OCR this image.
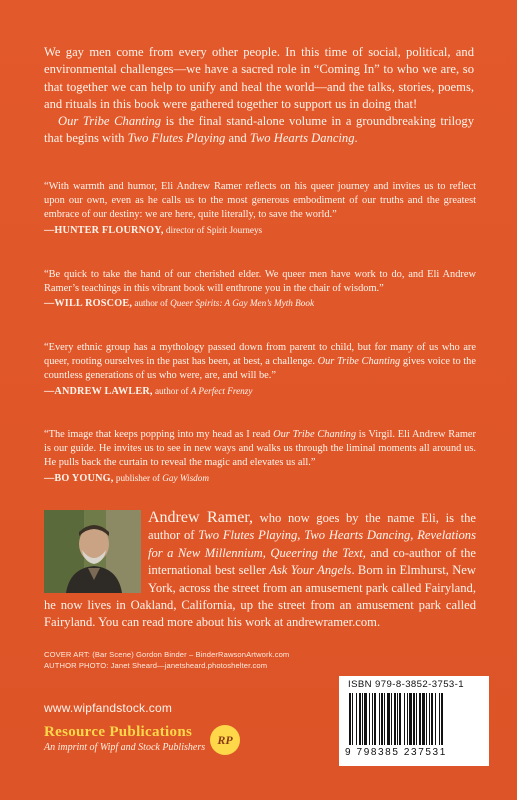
We gay men come from every other people. In this time of social, political, and environmental challenges—we have a sacred role in “Coming In” to who we are, so that together we can help to unify and heal the world—and the talks, stories, poems, and rituals in this book were gathered together to support us in doing that!

Our Tribe Chanting is the final stand-alone volume in a groundbreaking trilogy that begins with Two Flutes Playing and Two Hearts Dancing.

“With warmth and humor, Eli Andrew Ramer reflects on his queer journey and invites us to reflect upon our own, even as he calls us to the most generous embodiment of our truths and the greatest embrace of our destiny: we are here, quite literally, to save the world.”

—HUNTER FLOURNOY, director of Spirit Journeys

“Be quick to take the hand of our cherished elder. We queer men have work to do, and Eli Andrew Ramer’s teachings in this vibrant book will enthrone you in the chair of wisdom.”

—WILL ROSCOE, author of Queer Spirits: A Gay Men’s Myth Book

“Every ethnic group has a mythology passed down from parent to child, but for many of us who are queer, rooting ourselves in the past has been, at best, a challenge. Our Tribe Chanting gives voice to the countless generations of us who were, are, and will be.”

—ANDREW LAWLER, author of A Perfect Frenzy

“The image that keeps popping into my head as I read Our Tribe Chanting is Virgil. Eli Andrew Ramer is our guide. He invites us to see in new ways and walks us through the liminal moments all around us. He pulls back the curtain to reveal the magic and elevates us all.”

—BO YOUNG, publisher of Gay Wisdom

Andrew Ramer, who now goes by the name Eli, is the author of Two Flutes Playing, Two Hearts Dancing, Revelations for a New Millennium, Queering the Text, and co-author of the international best seller Ask Your Angels. Born in Elmhurst, New York, across the street from an amusement park called Fairyland, he now lives in Oakland, California, up the street from an amusement park called Fairyland. You can read more about his work at andrewramer.com.
COVER ART: (Bar Scene) Gordon Binder – BinderRawsonArtwork.com
AUTHOR PHOTO: Janet Sheard—janetsheard.photoshelter.com
www.wipfandstock.com
Resource Publications
An imprint of Wipf and Stock Publishers
RP
ISBN 979-8-3852-3753-1
9 798385 237531
